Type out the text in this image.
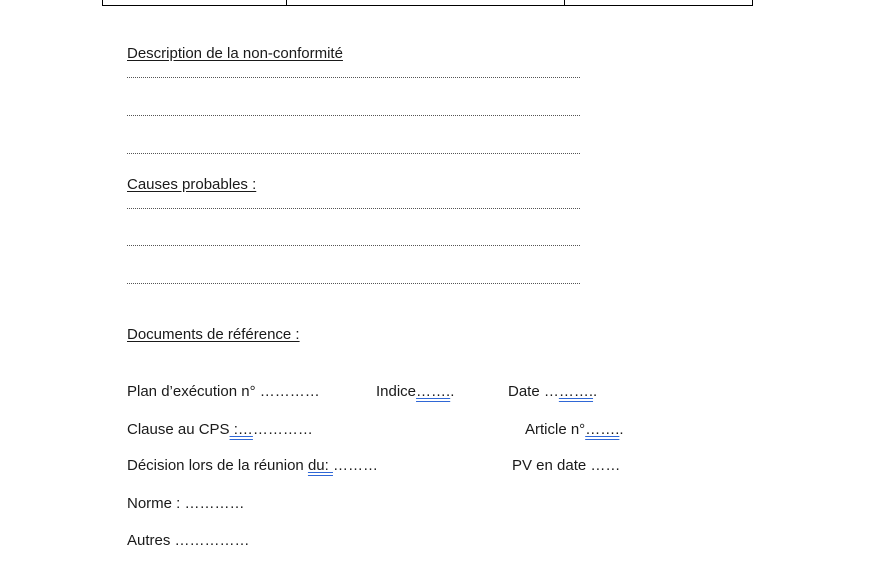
Description de la non-conformité
Causes probables :
Documents de référence :
Plan d’exécution n° …………	Indice……..	Date ………..
Clause au CPS :……………	Article n°……..
Décision lors de la réunion du: ………	PV en date ……
Norme : …………
Autres ……………
